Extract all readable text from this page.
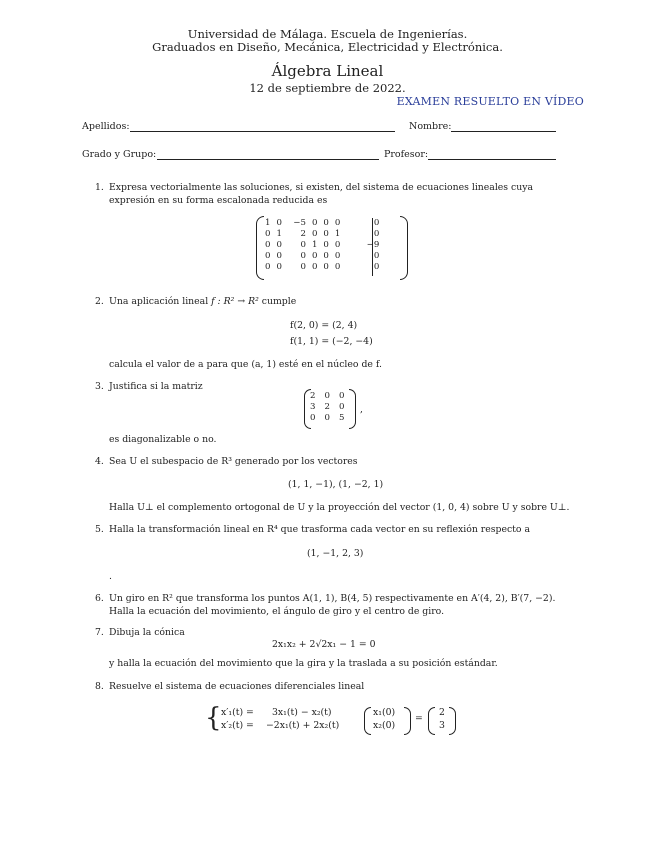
Universidad de Málaga. Escuela de Ingenierías.
Graduados en Diseño, Mecánica, Electricidad y Electrónica.
Álgebra Lineal
12 de septiembre de 2022.
EXAMEN RESUELTO EN VÍDEO
Apellidos:	Nombre:
Grado y Grupo:	Profesor:
1. Expresa vectorialmente las soluciones, si existen, del sistema de ecuaciones lineales cuya expresión en su forma escalonada reducida es
1	0	−5	0	0	0	0
0	1	2	0	0	1	0
0	0	0	1	0	0	−9
0	0	0	0	0	0	0
0	0	0	0	0	0	0
2. Una aplicación lineal f : R² → R² cumple
f(2, 0) = (2, 4)
f(1, 1) = (−2, −4)
calcula el valor de a para que (a, 1) esté en el núcleo de f.
3. Justifica si la matriz
2	0	0
3	2	0
0	0	5
,
es diagonalizable o no.
4. Sea U el subespacio de R³ generado por los vectores
(1, 1, −1), (1, −2, 1)
Halla U⊥ el complemento ortogonal de U y la proyección del vector (1, 0, 4) sobre U y sobre U⊥.
5. Halla la transformación lineal en R⁴ que trasforma cada vector en su reflexión respecto a
(1, −1, 2, 3)
.
6. Un giro en R² que transforma los puntos A(1, 1), B(4, 5) respectivamente en A′(4, 2), B′(7, −2). Halla la ecuación del movimiento, el ángulo de giro y el centro de giro.
7. Dibuja la cónica
2x₁x₂ + 2√2x₁ − 1 = 0
y halla la ecuación del movimiento que la gira y la traslada a su posición estándar.
8. Resuelve el sistema de ecuaciones diferenciales lineal
{ x′₁(t) = 3x₁(t) − x₂(t)
x′₂(t) = −2x₁(t) + 2x₂(t)
x₁(0)
x₂(0)
=
2
3
